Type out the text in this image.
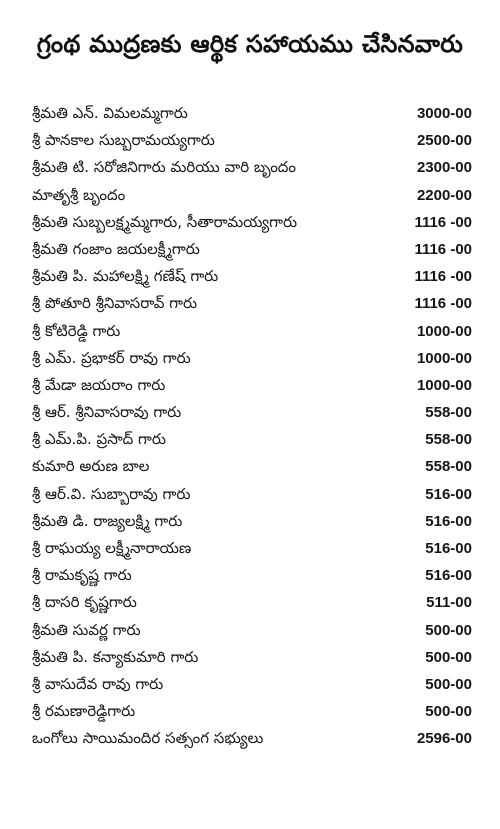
గ్రంథ ముద్రణకు ఆర్థిక సహాయము చేసినవారు
శ్రీమతి ఎన్. విమలమ్మగారు	3000-00
శ్రీ పానకాల సుబ్బరామయ్యగారు	2500-00
శ్రీమతి టి. సరోజినిగారు మరియు వారి బృందం	2300-00
మాతృశ్రీ బృందం	2200-00
శ్రీమతి సుబ్బలక్ష్మమ్మగారు, సీతారామయ్యగారు	1116 -00
శ్రీమతి గంజాం జయలక్ష్మీగారు	1116 -00
శ్రీమతి పి. మహాలక్ష్మి గణేష్ గారు	1116 -00
శ్రీ పోతూరి శ్రీనివాసరావ్ గారు	1116 -00
శ్రీ కోటిరెడ్డి గారు	1000-00
శ్రీ ఎమ్. ప్రభాకర్ రావు గారు	1000-00
శ్రీ మేడా జయరాం గారు	1000-00
శ్రీ ఆర్. శ్రీనివాసరావు గారు	558-00
శ్రీ ఎమ్.పి. ప్రసాద్ గారు	558-00
కుమారి అరుణ బాల	558-00
శ్రీ ఆర్.వి. సుబ్బారావు గారు	516-00
శ్రీమతి డి. రాజ్యలక్ష్మి గారు	516-00
శ్రీ రాఘయ్య లక్ష్మీనారాయణ	516-00
శ్రీ రామకృష్ణ గారు	516-00
శ్రీ దాసరి కృష్ణగారు	511-00
శ్రీమతి సువర్ణ గారు	500-00
శ్రీమతి పి. కన్యాకుమారి గారు	500-00
శ్రీ వాసుదేవ రావు గారు	500-00
శ్రీ రమణారెడ్డిగారు	500-00
ఒంగోలు సాయిమందిర సత్సంగ సభ్యులు	2596-00
